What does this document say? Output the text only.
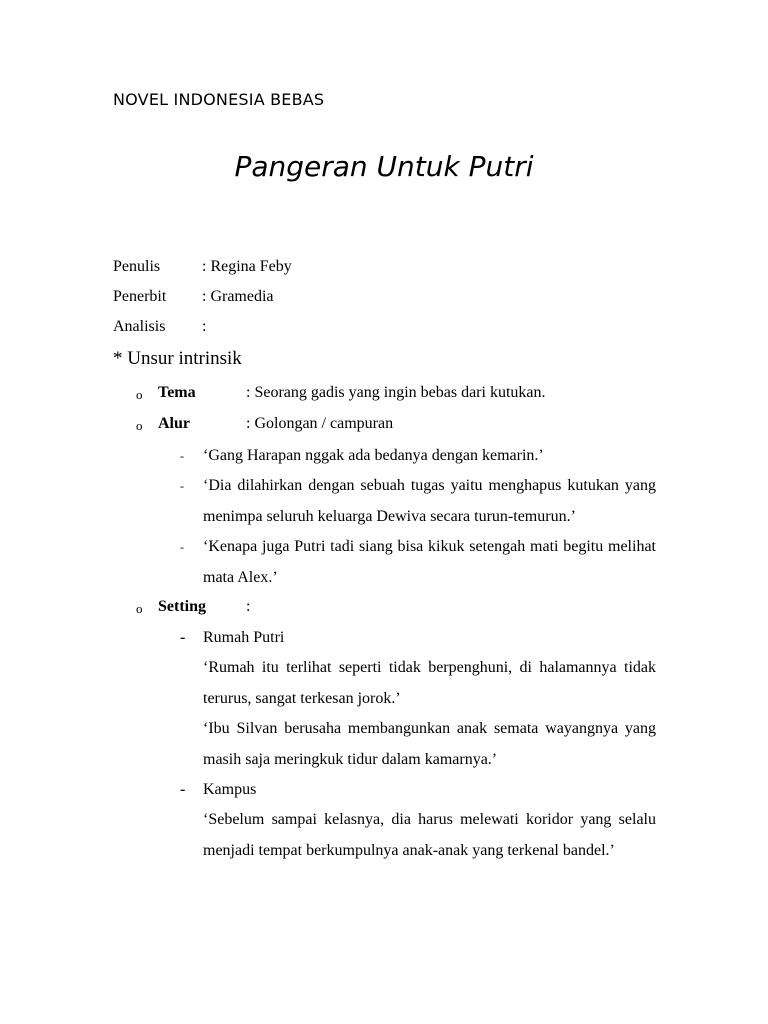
NOVEL INDONESIA BEBAS
Pangeran Untuk Putri
Penulis	: Regina Feby
Penerbit : Gramedia
Analisis :
* Unsur intrinsik
o Tema	: Seorang gadis yang ingin bebas dari kutukan.
o Alur	: Golongan / campuran
- ‘Gang Harapan nggak ada bedanya dengan kemarin.’
- ‘Dia dilahirkan dengan sebuah tugas yaitu menghapus kutukan yang menimpa seluruh keluarga Dewiva secara turun-temurun.’
- ‘Kenapa juga Putri tadi siang bisa kikuk setengah mati begitu melihat mata Alex.’
o Setting	:
- Rumah Putri
‘Rumah itu terlihat seperti tidak berpenghuni, di halamannya tidak terurus, sangat terkesan jorok.’
‘Ibu Silvan berusaha membangunkan anak semata wayangnya yang masih saja meringkuk tidur dalam kamarnya.’
- Kampus
‘Sebelum sampai kelasnya, dia harus melewati koridor yang selalu menjadi tempat berkumpulnya anak-anak yang terkenal bandel.’
